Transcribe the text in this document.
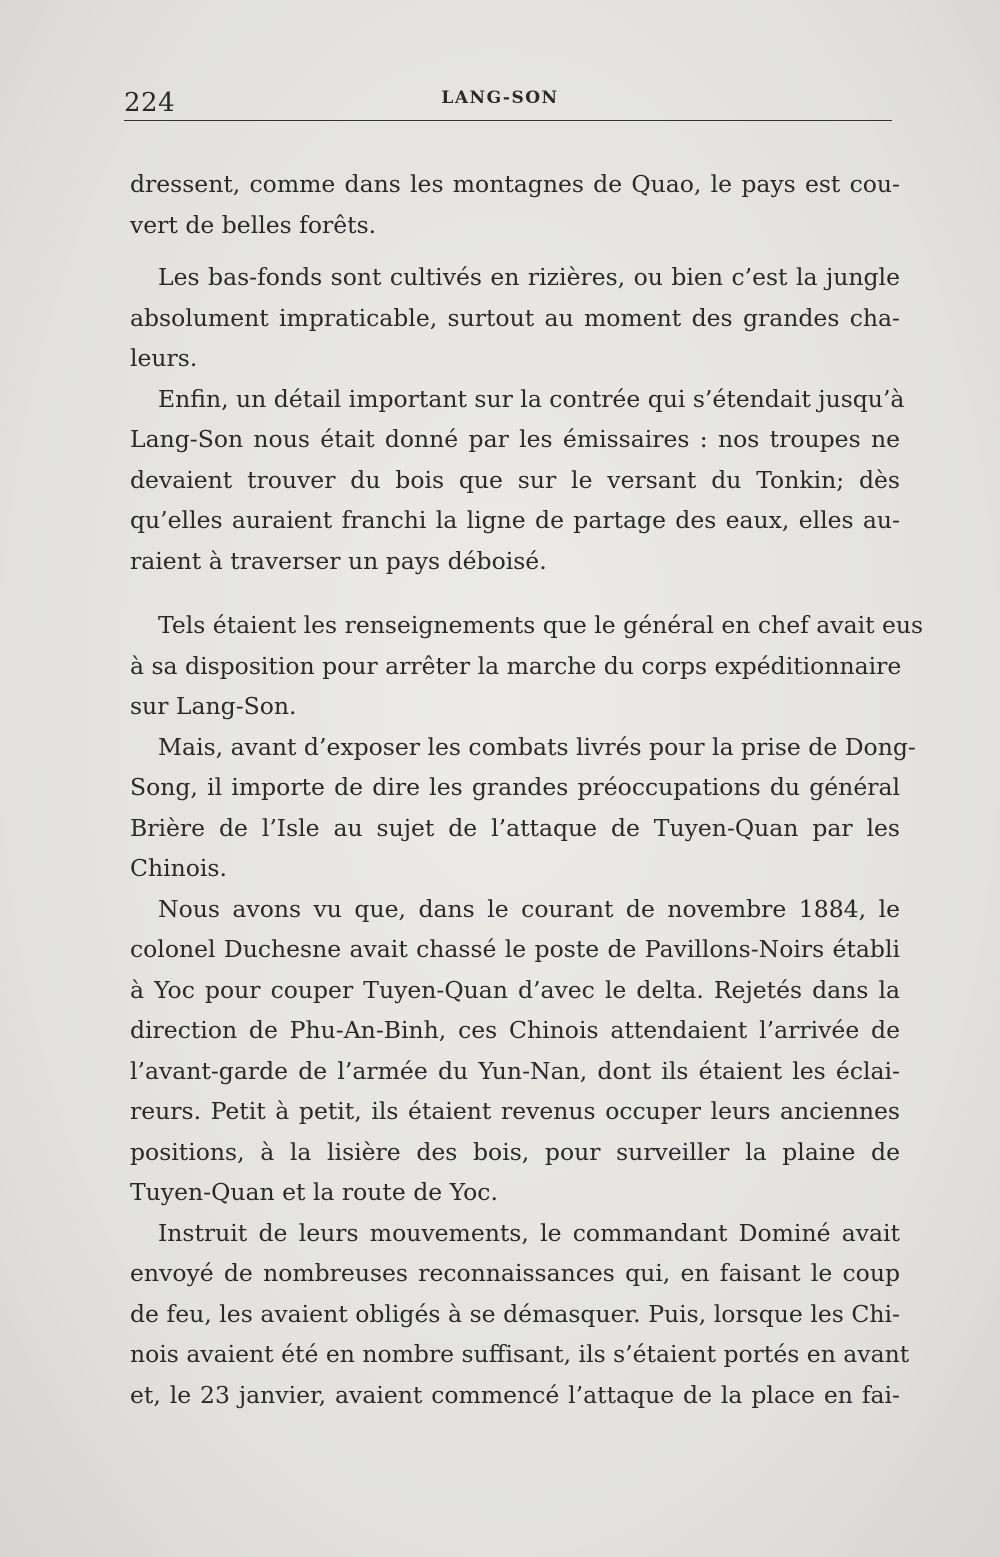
224	LANG-SON

dressent, comme dans les montagnes de Quao, le pays est cou-
vert de belles forêts.

Les bas-fonds sont cultivés en rizières, ou bien c’est la jungle
absolument impraticable, surtout au moment des grandes cha-
leurs.

Enfin, un détail important sur la contrée qui s’étendait jusqu’à
Lang-Son nous était donné par les émissaires : nos troupes ne
devaient trouver du bois que sur le versant du Tonkin; dès
qu’elles auraient franchi la ligne de partage des eaux, elles au-
raient à traverser un pays déboisé.

Tels étaient les renseignements que le général en chef avait eus
à sa disposition pour arrêter la marche du corps expéditionnaire
sur Lang-Son.

Mais, avant d’exposer les combats livrés pour la prise de Dong-
Song, il importe de dire les grandes préoccupations du général
Brière de l’Isle au sujet de l’attaque de Tuyen-Quan par les
Chinois.

Nous avons vu que, dans le courant de novembre 1884, le
colonel Duchesne avait chassé le poste de Pavillons-Noirs établi
à Yoc pour couper Tuyen-Quan d’avec le delta. Rejetés dans la
direction de Phu-An-Binh, ces Chinois attendaient l’arrivée de
l’avant-garde de l’armée du Yun-Nan, dont ils étaient les éclai-
reurs. Petit à petit, ils étaient revenus occuper leurs anciennes
positions, à la lisière des bois, pour surveiller la plaine de
Tuyen-Quan et la route de Yoc.

Instruit de leurs mouvements, le commandant Dominé avait
envoyé de nombreuses reconnaissances qui, en faisant le coup
de feu, les avaient obligés à se démasquer. Puis, lorsque les Chi-
nois avaient été en nombre suffisant, ils s’étaient portés en avant
et, le 23 janvier, avaient commencé l’attaque de la place en fai-
